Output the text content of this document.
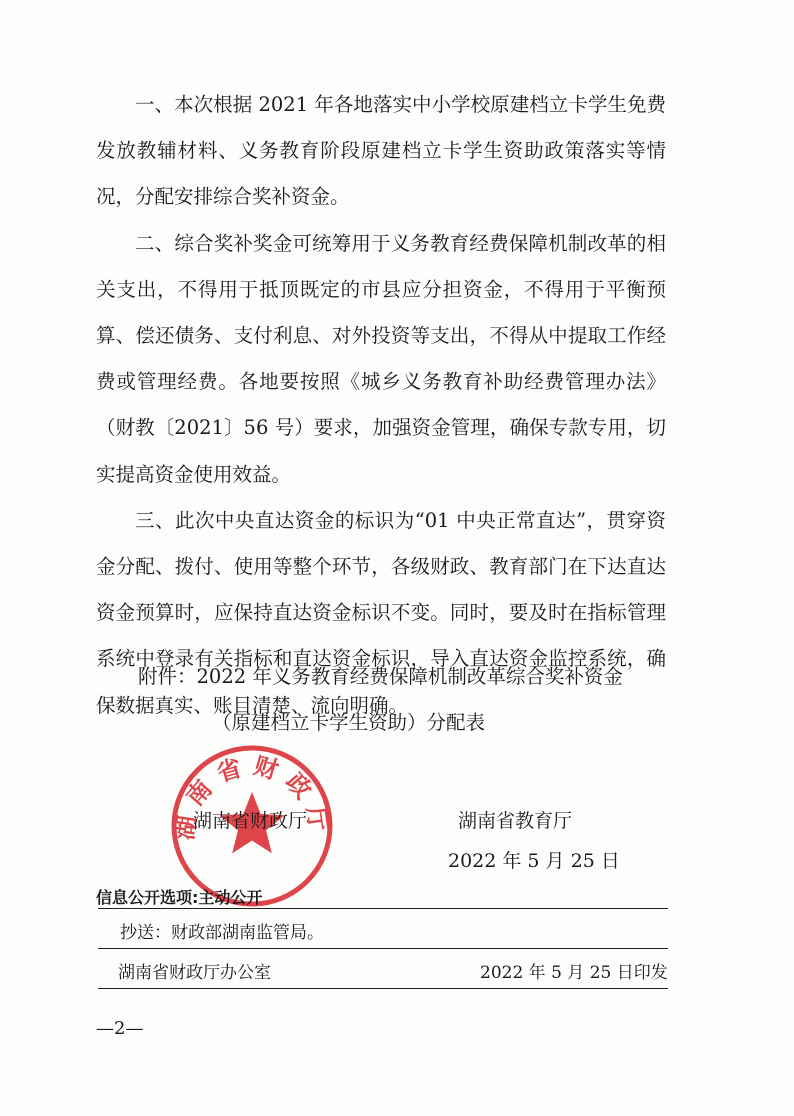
一、本次根据 2021 年各地落实中小学校原建档立卡学生免费发放教辅材料、义务教育阶段原建档立卡学生资助政策落实等情况，分配安排综合奖补资金。

二、综合奖补奖金可统筹用于义务教育经费保障机制改革的相关支出，不得用于抵顶既定的市县应分担资金，不得用于平衡预算、偿还债务、支付利息、对外投资等支出，不得从中提取工作经费或管理经费。各地要按照《城乡义务教育补助经费管理办法》（财教〔2021〕56 号）要求，加强资金管理，确保专款专用，切实提高资金使用效益。

三、此次中央直达资金的标识为“01 中央正常直达”，贯穿资金分配、拨付、使用等整个环节，各级财政、教育部门在下达直达资金预算时，应保持直达资金标识不变。同时，要及时在指标管理系统中登录有关指标和直达资金标识，导入直达资金监控系统，确保数据真实、账目清楚、流向明确。

附件：2022 年义务教育经费保障机制改革综合奖补资金
（原建档立卡学生资助）分配表
湖南省财政厅
湖南省财政厅	湖南省教育厅
2022 年 5 月 25 日
信息公开选项:主动公开
抄送：财政部湖南监管局。
湖南省财政厅办公室	2022 年 5 月 25 日印发
—2—
